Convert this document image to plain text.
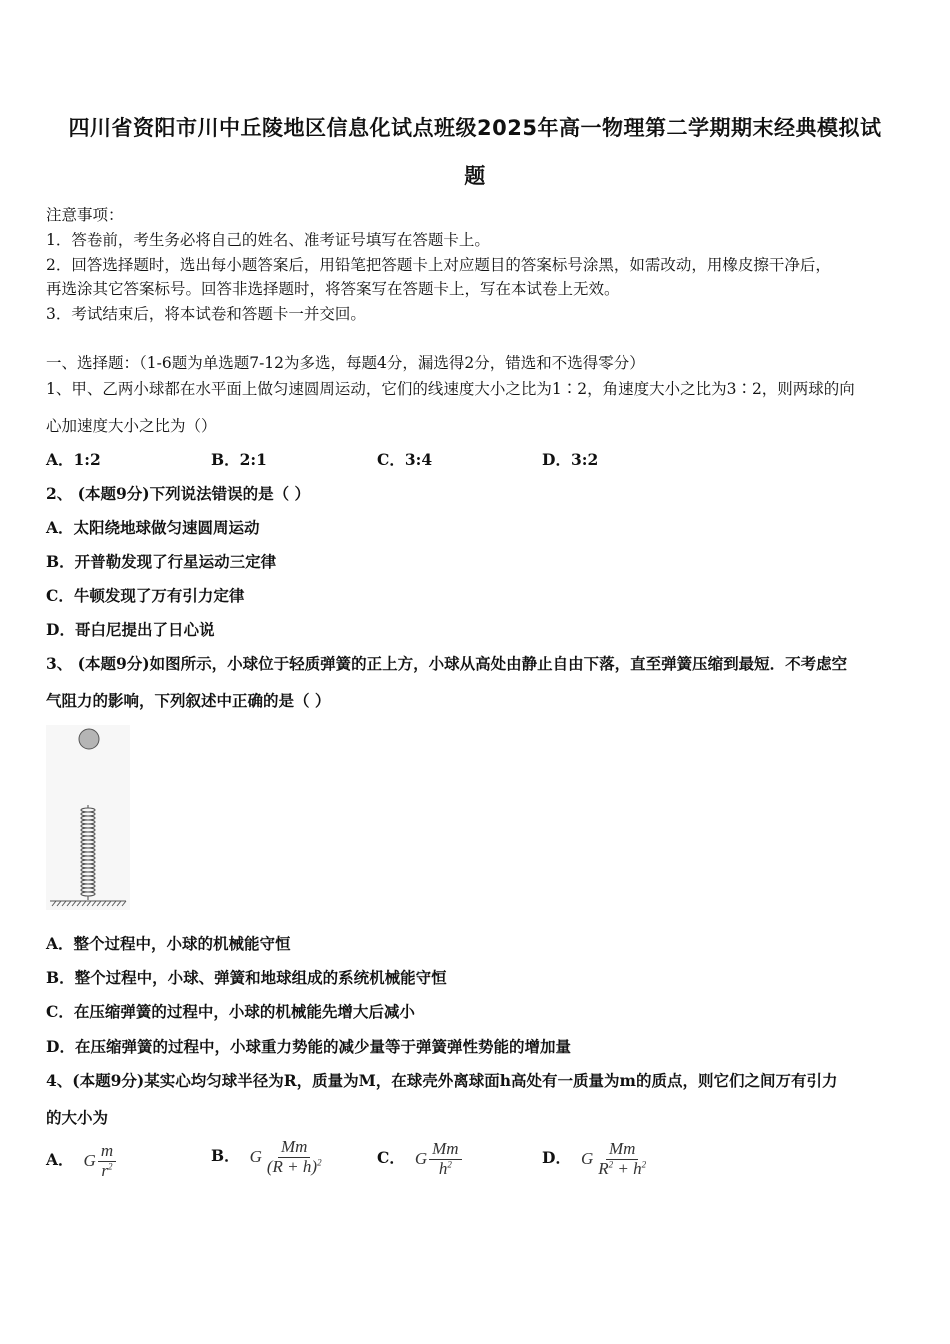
四川省资阳市川中丘陵地区信息化试点班级2025年高一物理第二学期期末经典模拟试
题
注意事项：
1．答卷前，考生务必将自己的姓名、准考证号填写在答题卡上。
2．回答选择题时，选出每小题答案后，用铅笔把答题卡上对应题目的答案标号涂黑，如需改动，用橡皮擦干净后，
再选涂其它答案标号。回答非选择题时，将答案写在答题卡上，写在本试卷上无效。
3．考试结束后，将本试卷和答题卡一并交回。
一、选择题：（1-6题为单选题7-12为多选，每题4分，漏选得2分，错选和不选得零分）
1、甲、乙两小球都在水平面上做匀速圆周运动，它们的线速度大小之比为1∶2，角速度大小之比为3∶2，则两球的向
心加速度大小之比为（）
A．1:2	B．2:1	C．3:4	D．3:2
2、 (本题9分)下列说法错误的是（ ）
A．太阳绕地球做匀速圆周运动
B．开普勒发现了行星运动三定律
C．牛顿发现了万有引力定律
D．哥白尼提出了日心说
3、 (本题9分)如图所示，小球位于轻质弹簧的正上方，小球从高处由静止自由下落，直至弹簧压缩到最短．不考虑空
气阻力的影响，下列叙述中正确的是（ ）
A．整个过程中，小球的机械能守恒
B．整个过程中，小球、弹簧和地球组成的系统机械能守恒
C．在压缩弹簧的过程中，小球的机械能先增大后减小
D．在压缩弹簧的过程中，小球重力势能的减少量等于弹簧弹性势能的增加量
4、(本题9分)某实心均匀球半径为R，质量为M，在球壳外离球面h高处有一质量为m的质点，则它们之间万有引力
的大小为
A． G $\frac{m}{r^2}$	B． G $\frac{Mm}{(R + h)^2}$	C． G $\frac{Mm}{h^2}$	D． G $\frac{Mm}{R^2 + h^2}$
